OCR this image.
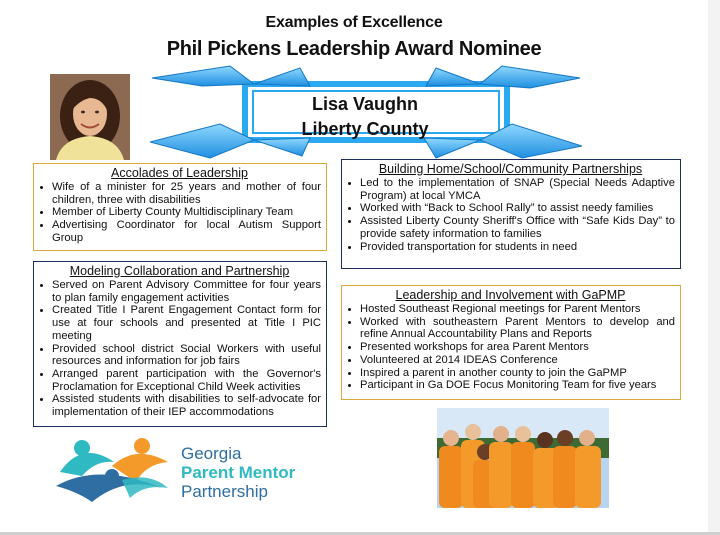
Examples of Excellence
Phil Pickens Leadership Award Nominee
Lisa Vaughn
Liberty County
Accolades of Leadership
• Wife of a minister for 25 years and mother of four children, three with disabilities
• Member of Liberty County Multidisciplinary Team
• Advertising Coordinator for local Autism Support Group
Modeling Collaboration and Partnership
• Served on Parent Advisory Committee for four years to plan family engagement activities
• Created Title I Parent Engagement Contact form for use at four schools and presented at Title I PIC meeting
• Provided school district Social Workers with useful resources and information for job fairs
• Arranged parent participation with the Governor's Proclamation for Exceptional Child Week activities
• Assisted students with disabilities to self-advocate for implementation of their IEP accommodations
Building Home/School/Community Partnerships
• Led to the implementation of SNAP (Special Needs Adaptive Program) at local YMCA
• Worked with “Back to School Rally” to assist needy families
• Assisted Liberty County Sheriff's Office with “Safe Kids Day” to provide safety information to families
• Provided transportation for students in need
Leadership and Involvement with GaPMP
• Hosted Southeast Regional meetings for Parent Mentors
• Worked with southeastern Parent Mentors to develop and refine Annual Accountability Plans and Reports
• Presented workshops for area Parent Mentors
• Volunteered at 2014 IDEAS Conference
• Inspired a parent in another county to join the GaPMP
• Participant in Ga DOE Focus Monitoring Team for five years
Georgia
Parent Mentor
Partnership
